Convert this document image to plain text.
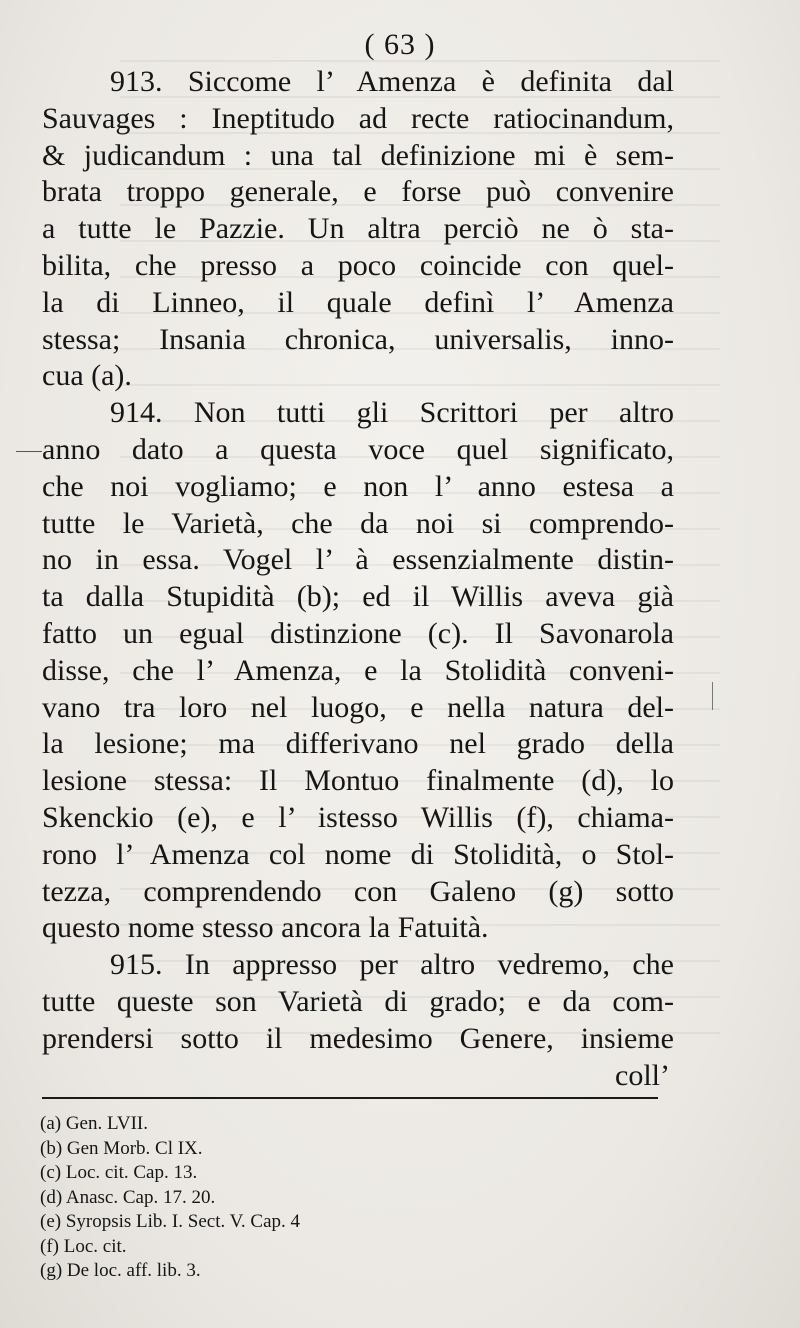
( 63 )
913. Siccome l’ Amenza è definita dal
Sauvages : Ineptitudo ad recte ratiocinandum,
& judicandum : una tal definizione mi è sem-
brata troppo generale, e forse può convenire
a tutte le Pazzie. Un altra perciò ne ò sta-
bilita, che presso a poco coincide con quel-
la di Linneo, il quale definì l’ Amenza
stessa; Insania chronica, universalis, inno-
cua (a).
914. Non tutti gli Scrittori per altro
anno dato a questa voce quel significato,
che noi vogliamo; e non l’ anno estesa a
tutte le Varietà, che da noi si comprendo-
no in essa. Vogel l’ à essenzialmente distin-
ta dalla Stupidità (b); ed il Willis aveva già
fatto un egual distinzione (c). Il Savonarola
disse, che l’ Amenza, e la Stolidità conveni-
vano tra loro nel luogo, e nella natura del-
la lesione; ma differivano nel grado della
lesione stessa: Il Montuo finalmente (d), lo
Skenckio (e), e l’ istesso Willis (f), chiama-
rono l’ Amenza col nome di Stolidità, o Stol-
tezza, comprendendo con Galeno (g) sotto
questo nome stesso ancora la Fatuità.
915. In appresso per altro vedremo, che
tutte queste son Varietà di grado; e da com-
prendersi sotto il medesimo Genere, insieme
coll’
(a) Gen. LVII.
(b) Gen Morb. Cl IX.
(c) Loc. cit. Cap. 13.
(d) Anasc. Cap. 17. 20.
(e) Syropsis Lib. I. Sect. V. Cap. 4
(f) Loc. cit.
(g) De loc. aff. lib. 3.
